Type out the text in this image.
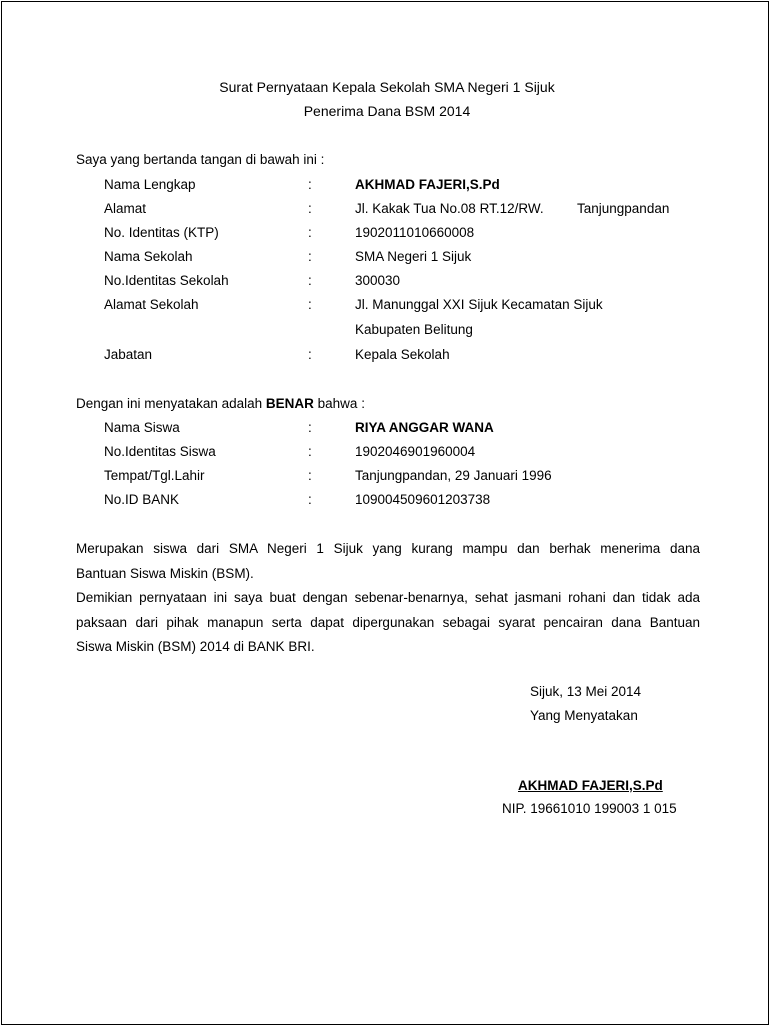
Surat Pernyataan Kepala Sekolah SMA Negeri 1 Sijuk
Penerima Dana BSM 2014
Saya yang bertanda tangan di bawah ini :
Nama Lengkap	:	AKHMAD FAJERI,S.Pd
Alamat	:	Jl. Kakak Tua No.08 RT.12/RW. Tanjungpandan
No. Identitas (KTP)	:	1902011010660008
Nama Sekolah	:	SMA Negeri 1 Sijuk
No.Identitas Sekolah	:	300030
Alamat Sekolah	:	Jl. Manunggal XXI Sijuk Kecamatan Sijuk
Kabupaten Belitung
Jabatan	:	Kepala Sekolah
Dengan ini menyatakan adalah BENAR bahwa :
Nama Siswa	:	RIYA ANGGAR WANA
No.Identitas Siswa	:	1902046901960004
Tempat/Tgl.Lahir	:	Tanjungpandan, 29 Januari 1996
No.ID BANK	:	109004509601203738
Merupakan siswa dari SMA Negeri 1 Sijuk yang kurang mampu dan berhak menerima dana
Bantuan Siswa Miskin (BSM).
Demikian pernyataan ini saya buat dengan sebenar-benarnya, sehat jasmani rohani dan tidak ada
paksaan dari pihak manapun serta dapat dipergunakan sebagai syarat pencairan dana Bantuan
Siswa Miskin (BSM) 2014 di BANK BRI.
Sijuk, 13 Mei 2014
Yang Menyatakan
AKHMAD FAJERI,S.Pd
NIP. 19661010 199003 1 015
